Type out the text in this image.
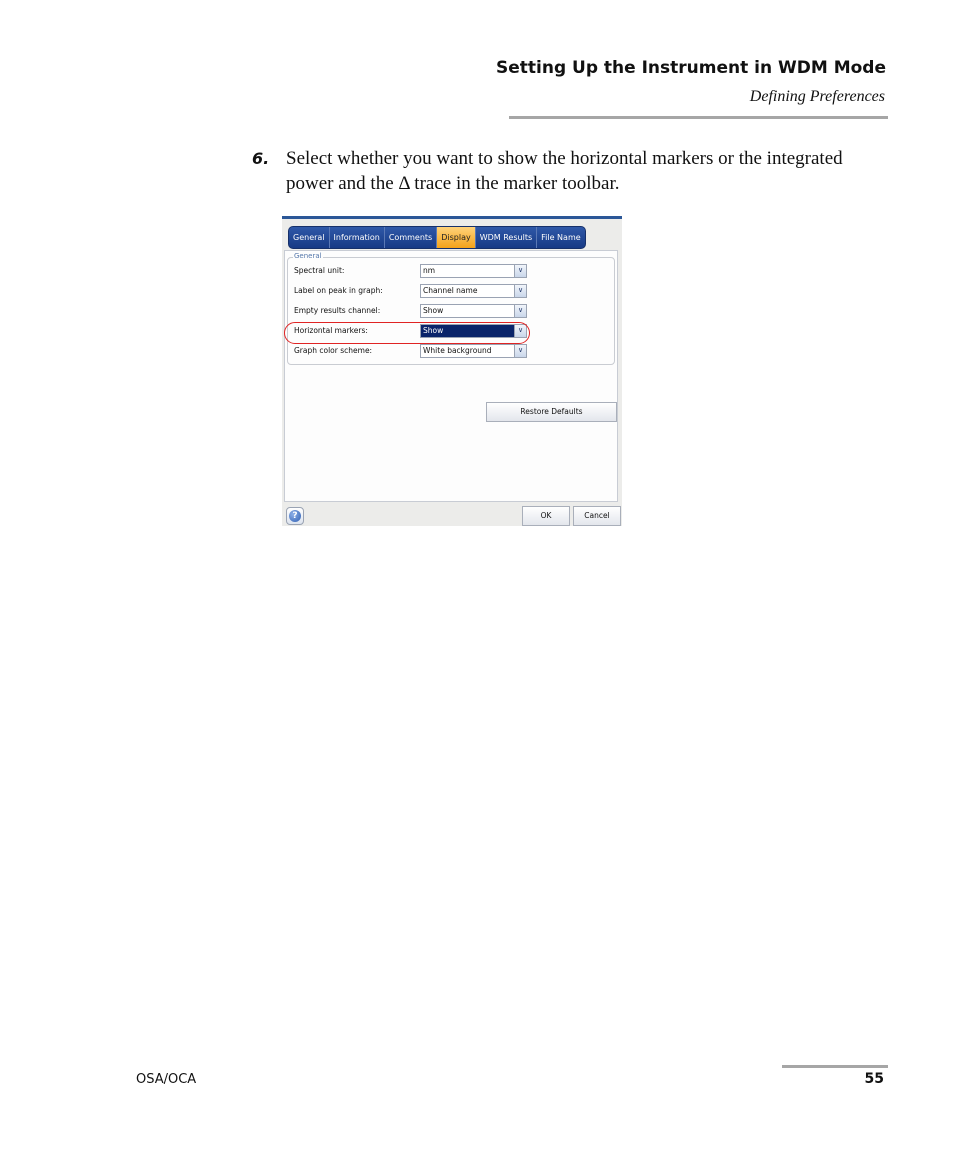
Setting Up the Instrument in WDM Mode
Defining Preferences
6. Select whether you want to show the horizontal markers or the integrated power and the Δ trace in the marker toolbar.
General	Information	Comments	Display	WDM Results	File Name
General
Spectral unit:	nm	∨
Label on peak in graph:	Channel name	∨
Empty results channel:	Show	∨
Horizontal markers:	Show	∨
Graph color scheme:	White background	∨
Restore Defaults
?	OK	Cancel
OSA/OCA	55
